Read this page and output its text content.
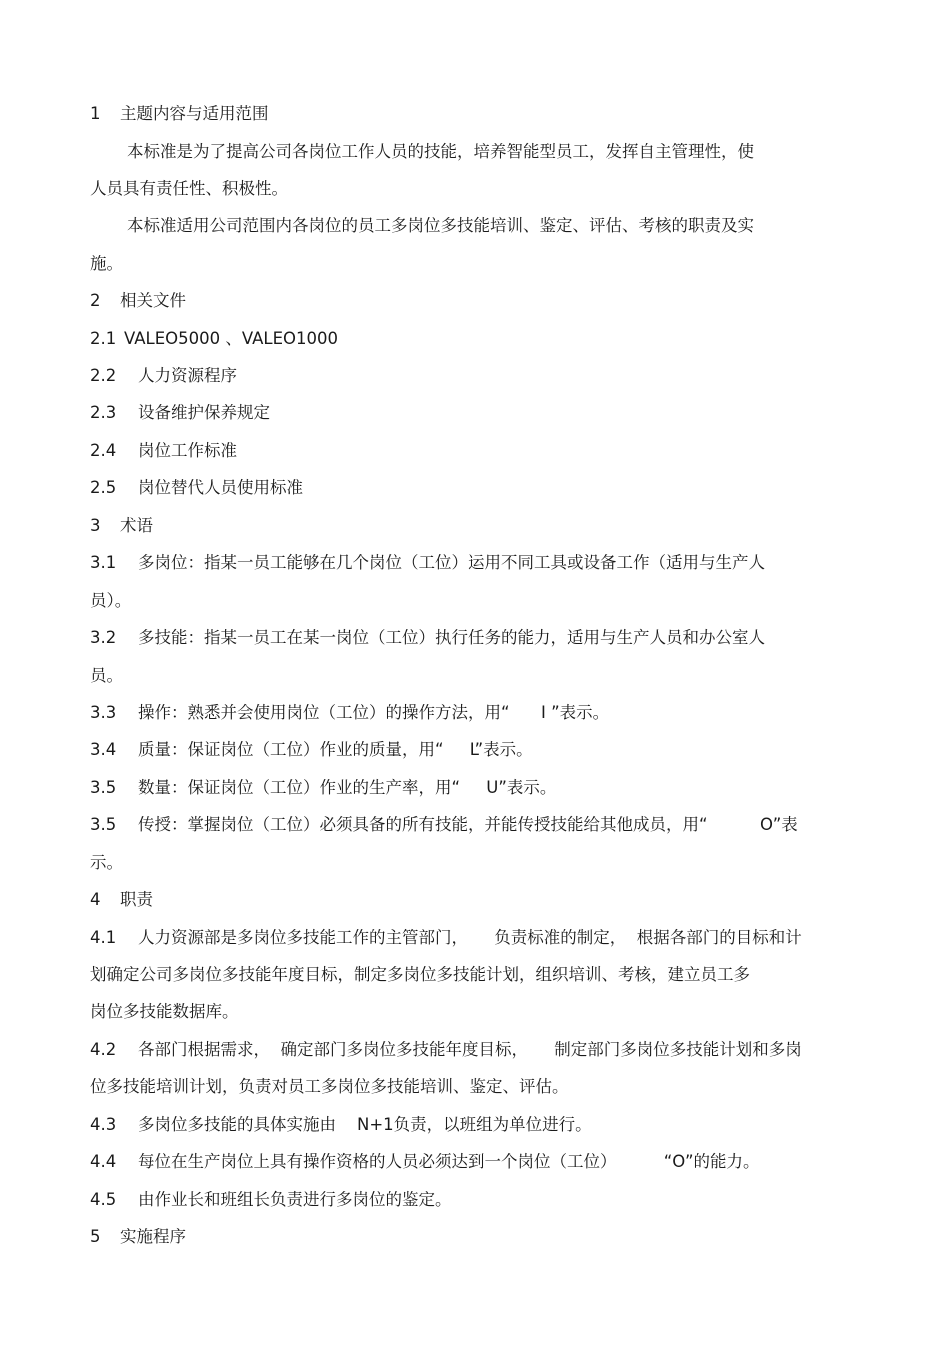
1 主题内容与适用范围
本标准是为了提高公司各岗位工作人员的技能，培养智能型员工，发挥自主管理性，使
人员具有责任性、积极性。
本标准适用公司范围内各岗位的员工多岗位多技能培训、鉴定、评估、考核的职责及实
施。
2 相关文件
2.1 VALEO5000 、VALEO1000
2.2 人力资源程序
2.3 设备维护保养规定
2.4 岗位工作标准
2.5 岗位替代人员使用标准
3 术语
3.1 多岗位：指某一员工能够在几个岗位（工位）运用不同工具或设备工作（适用与生产人
员）。
3.2 多技能：指某一员工在某一岗位（工位）执行任务的能力，适用与生产人员和办公室人
员。
3.3 操作：熟悉并会使用岗位（工位）的操作方法，用“      I ”表示。
3.4 质量：保证岗位（工位）作业的质量，用“     L”表示。
3.5 数量：保证岗位（工位）作业的生产率，用“     U”表示。
3.5 传授：掌握岗位（工位）必须具备的所有技能，并能传授技能给其他成员，用“          O”表
示。
4 职责
4.1 人力资源部是多岗位多技能工作的主管部门，     负责标准的制定，  根据各部门的目标和计
划确定公司多岗位多技能年度目标，制定多岗位多技能计划，组织培训、考核，建立员工多
岗位多技能数据库。
4.2 各部门根据需求，  确定部门多岗位多技能年度目标，     制定部门多岗位多技能计划和多岗
位多技能培训计划，负责对员工多岗位多技能培训、鉴定、评估。
4.3 多岗位多技能的具体实施由    N+1负责，以班组为单位进行。
4.4 每位在生产岗位上具有操作资格的人员必须达到一个岗位（工位）         “O”的能力。
4.5 由作业长和班组长负责进行多岗位的鉴定。
5 实施程序
